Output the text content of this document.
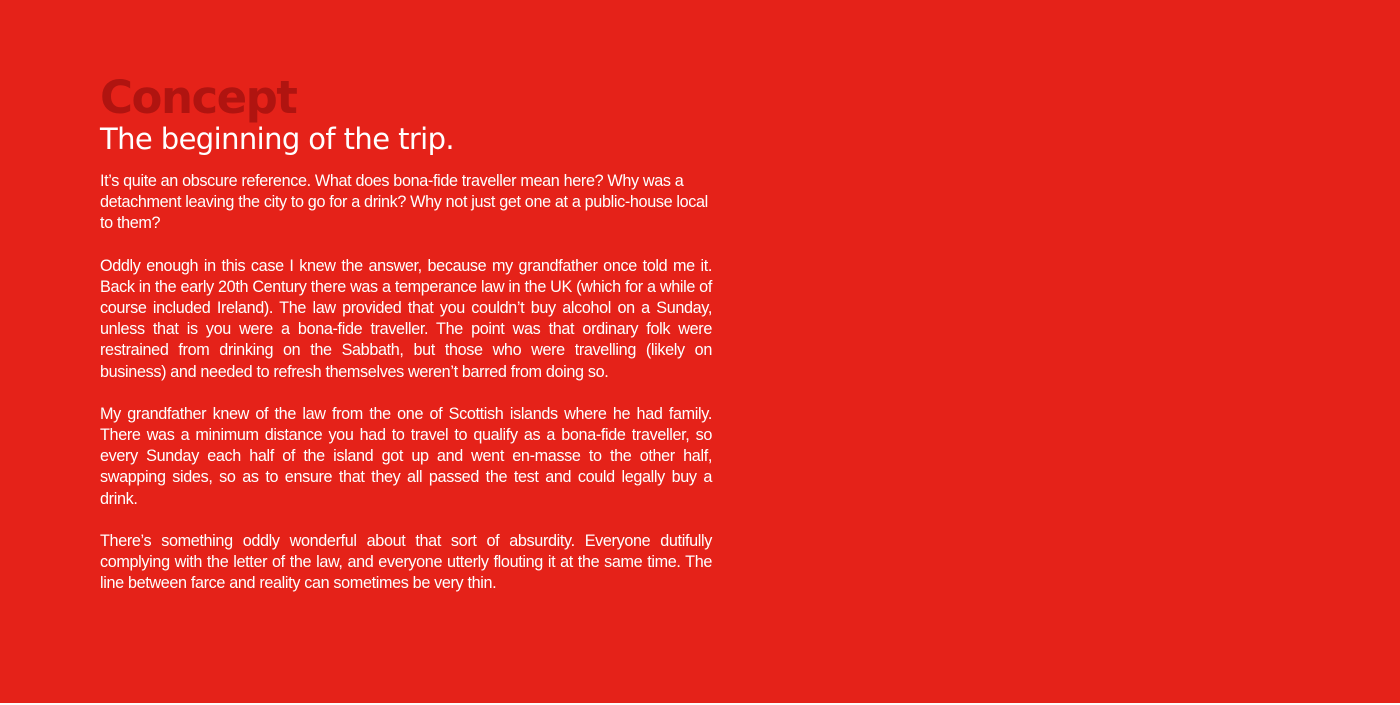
Concept
The beginning of the trip.

It’s quite an obscure reference. What does bona-fide traveller mean here? Why was a detachment leaving the city to go for a drink? Why not just get one at a public-house local to them?

Oddly enough in this case I knew the answer, because my grandfather once told me it. Back in the early 20th Century there was a temperance law in the UK (which for a while of course included Ireland). The law provided that you couldn’t buy alcohol on a Sunday, unless that is you were a bona-fide traveller. The point was that ordinary folk were restrained from drinking on the Sabbath, but those who were travelling (likely on business) and needed to refresh themselves weren’t barred from doing so.

My grandfather knew of the law from the one of Scottish islands where he had family. There was a minimum distance you had to travel to qualify as a bona-fide traveller, so every Sunday each half of the island got up and went en-masse to the other half, swapping sides, so as to ensure that they all passed the test and could legally buy a drink.

There’s something oddly wonderful about that sort of absurdity. Everyone dutifully complying with the letter of the law, and everyone utterly flouting it at the same time. The line between farce and reality can sometimes be very thin.
